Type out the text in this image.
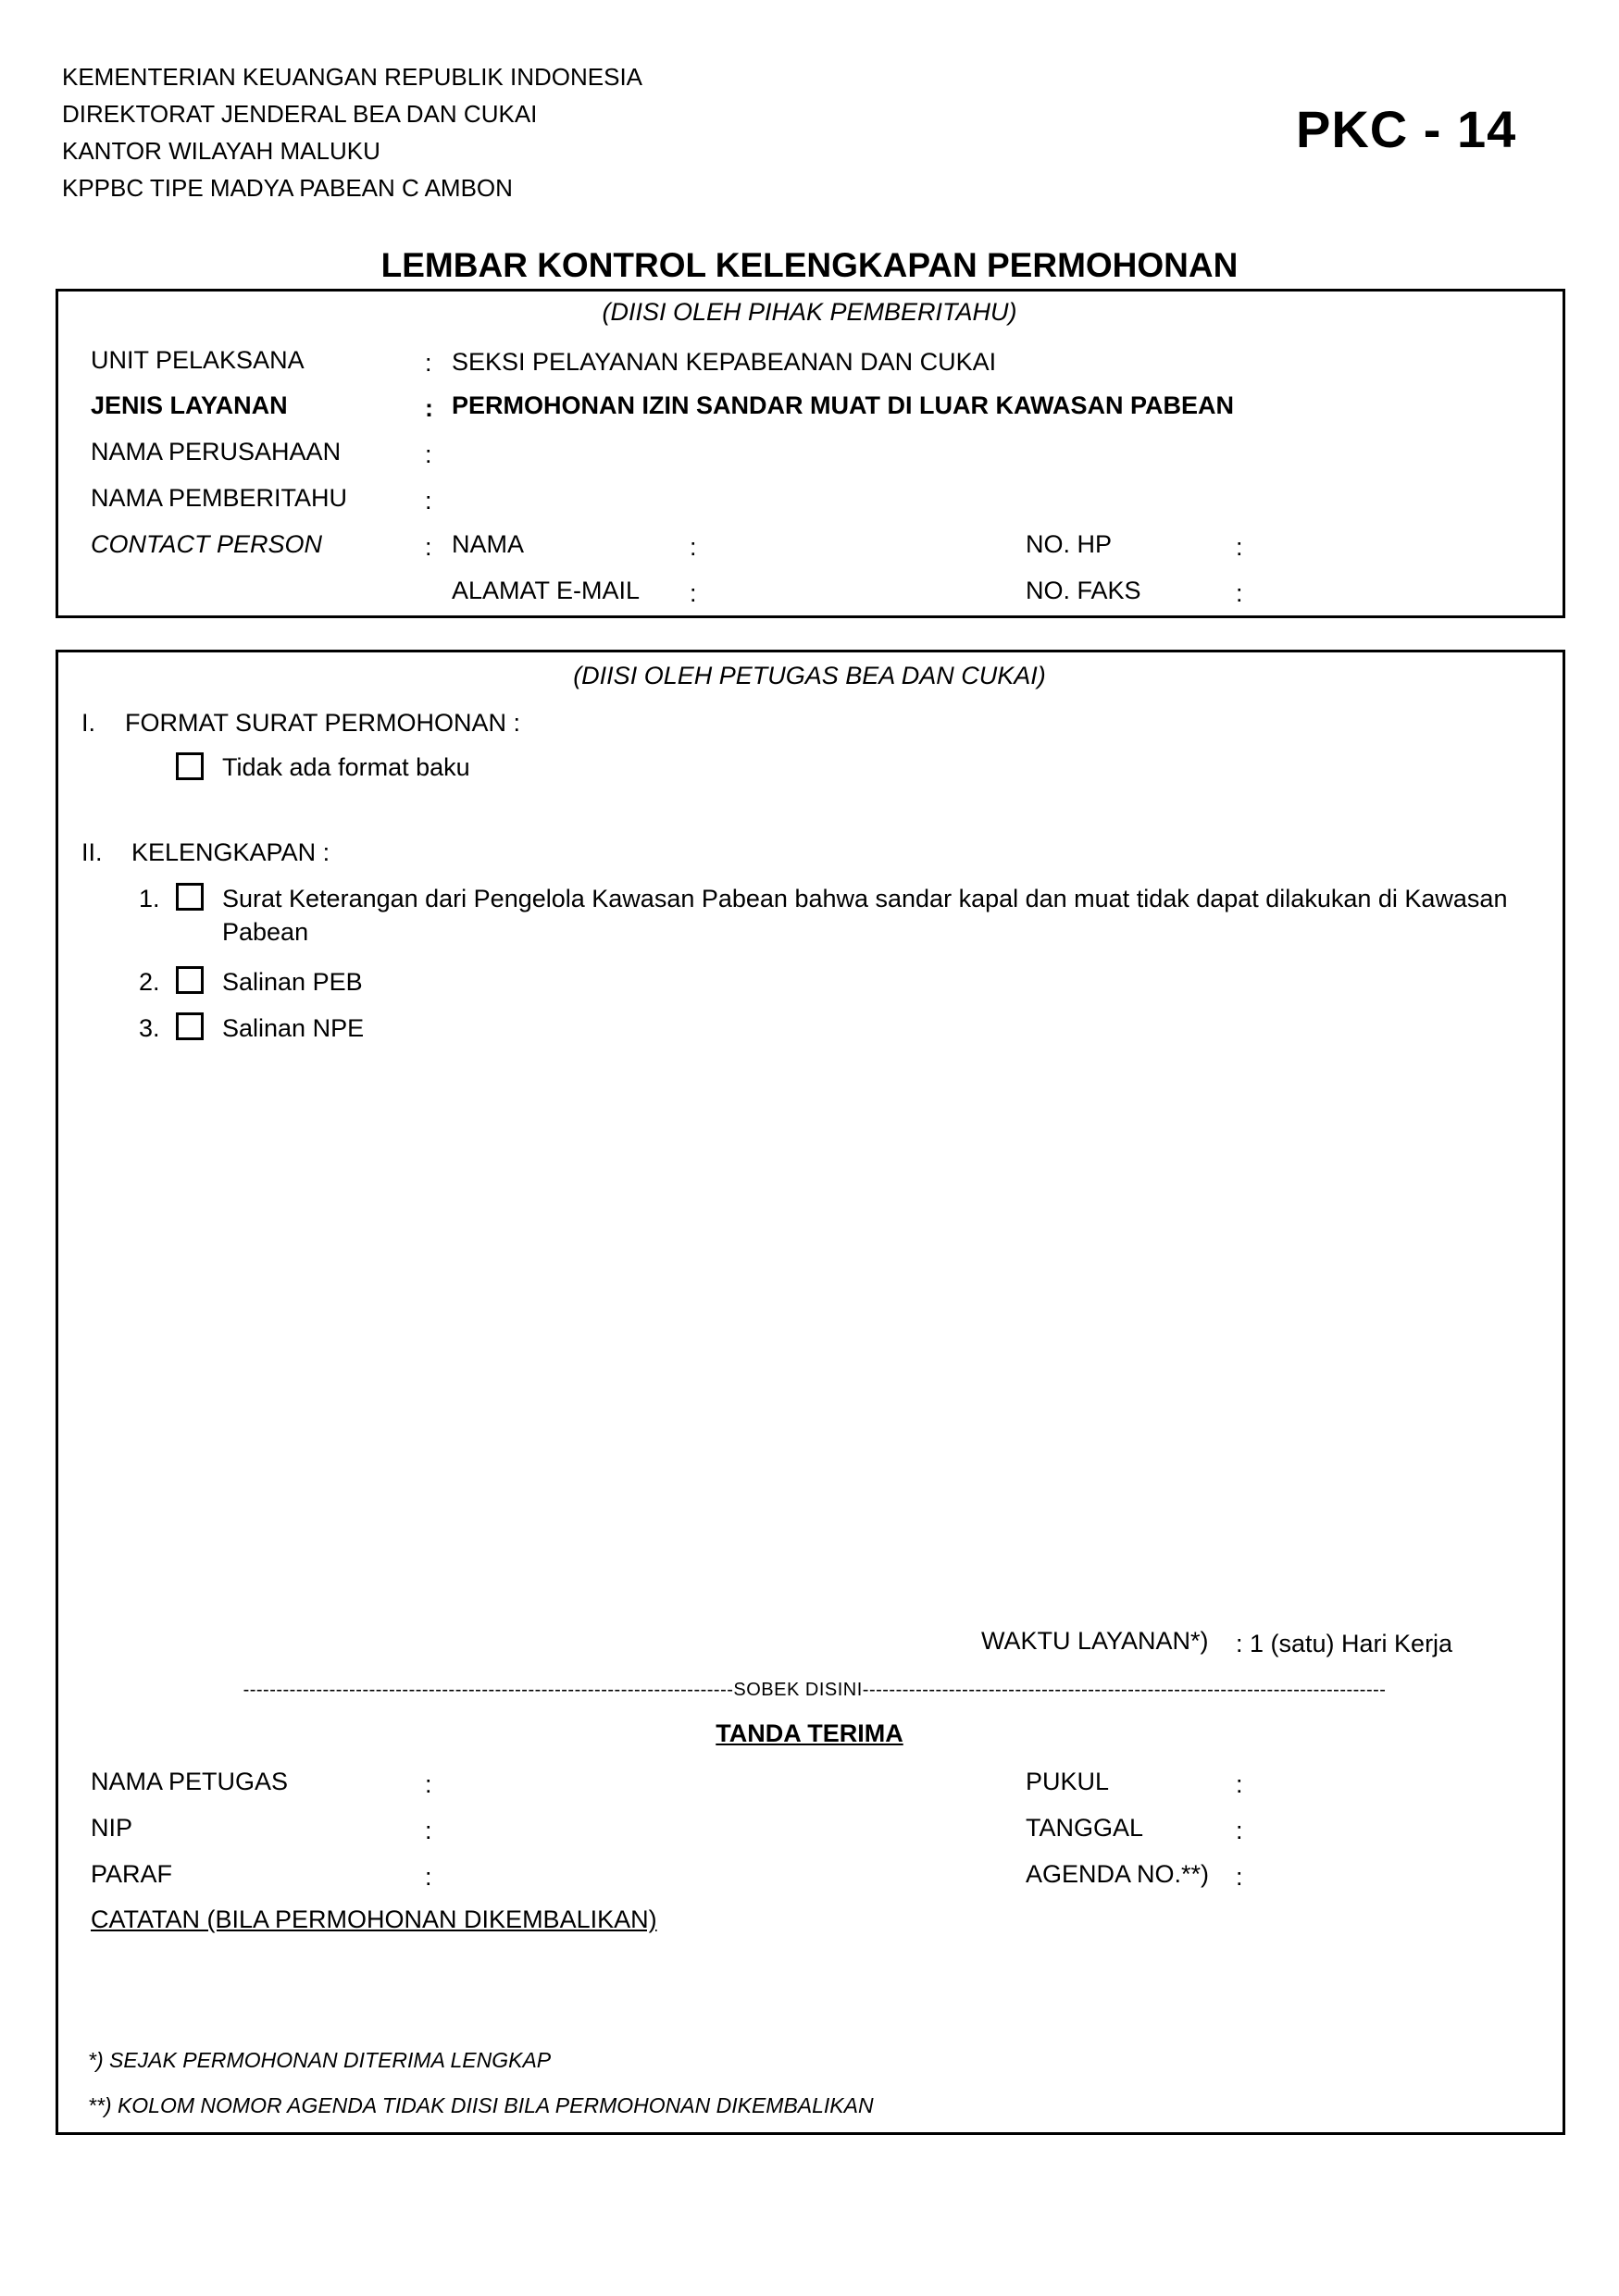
KEMENTERIAN KEUANGAN REPUBLIK INDONESIA
DIREKTORAT JENDERAL BEA DAN CUKAI
KANTOR WILAYAH MALUKU
KPPBC TIPE MADYA PABEAN C AMBON
PKC - 14
LEMBAR KONTROL KELENGKAPAN PERMOHONAN
(DIISI OLEH PIHAK PEMBERITAHU)
UNIT PELAKSANA	: SEKSI PELAYANAN KEPABEANAN DAN CUKAI
JENIS LAYANAN	: PERMOHONAN IZIN SANDAR MUAT DI LUAR KAWASAN PABEAN
NAMA PERUSAHAAN	:
NAMA PEMBERITAHU	:
CONTACT PERSON	: NAMA	:	NO. HP	:
ALAMAT E-MAIL :	NO. FAKS	:
(DIISI OLEH PETUGAS BEA DAN CUKAI)
I. FORMAT SURAT PERMOHONAN :
Tidak ada format baku
II. KELENGKAPAN :
1. Surat Keterangan dari Pengelola Kawasan Pabean bahwa sandar kapal dan muat tidak dapat dilakukan di Kawasan
Pabean
2. Salinan PEB
3. Salinan NPE
WAKTU LAYANAN*) : 1 (satu) Hari Kerja
--------------------------------------------------------------------------SOBEK DISINI-------------------------------------------------------------------------------
TANDA TERIMA
NAMA PETUGAS	:	PUKUL	:
NIP	:	TANGGAL	:
PARAF	:	AGENDA NO.**) :
CATATAN (BILA PERMOHONAN DIKEMBALIKAN)
*) SEJAK PERMOHONAN DITERIMA LENGKAP
**) KOLOM NOMOR AGENDA TIDAK DIISI BILA PERMOHONAN DIKEMBALIKAN
